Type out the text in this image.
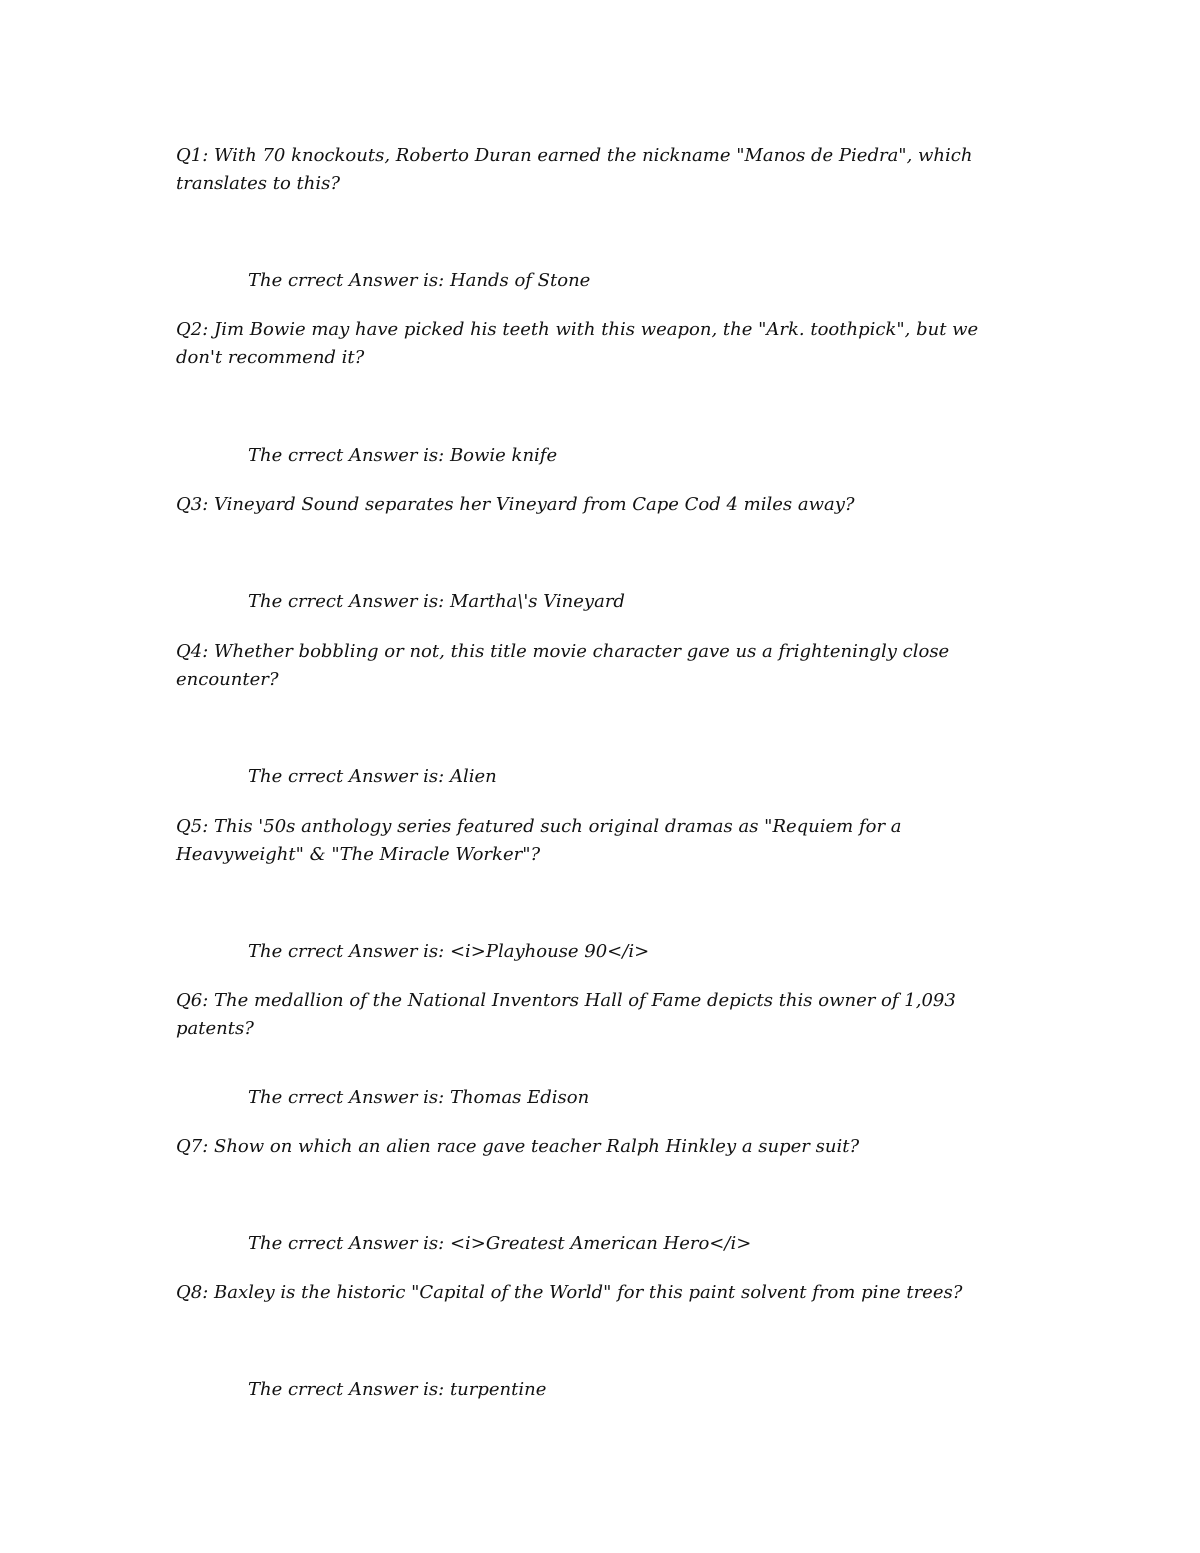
Q1: With 70 knockouts, Roberto Duran earned the nickname "Manos de Piedra", which translates to this?

The crrect Answer is: Hands of Stone

Q2: Jim Bowie may have picked his teeth with this weapon, the "Ark. toothpick", but we don't recommend it?

The crrect Answer is: Bowie knife

Q3: Vineyard Sound separates her Vineyard from Cape Cod 4 miles away?

The crrect Answer is: Martha\'s Vineyard

Q4: Whether bobbling or not, this title movie character gave us a frighteningly close encounter?

The crrect Answer is: Alien

Q5: This '50s anthology series featured such original dramas as "Requiem for a Heavyweight" & "The Miracle Worker"?

The crrect Answer is: <i>Playhouse 90</i>

Q6: The medallion of the National Inventors Hall of Fame depicts this owner of 1,093 patents?

The crrect Answer is: Thomas Edison

Q7: Show on which an alien race gave teacher Ralph Hinkley a super suit?

The crrect Answer is: <i>Greatest American Hero</i>

Q8: Baxley is the historic "Capital of the World" for this paint solvent from pine trees?

The crrect Answer is: turpentine
